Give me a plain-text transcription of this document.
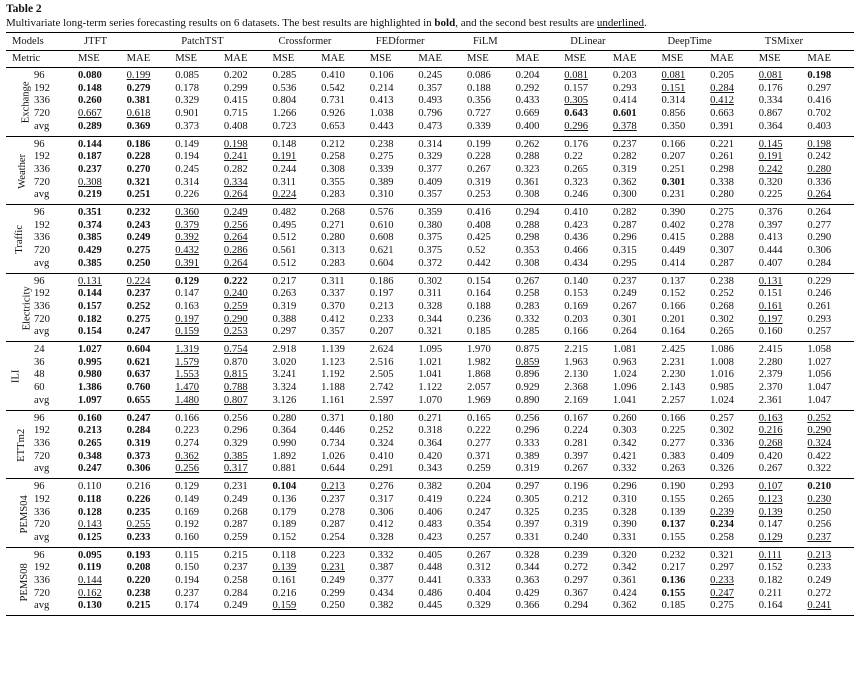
Table 2
Multivariate long-term series forecasting results on 6 datasets. The best results are highlighted in bold, and the second best results are underlined.
Models		JTFT		PatchTST		Crossformer		FEDformer		FiLM		DLinear		DeepTime		TSMixer	
Metric		MSE	MAE	MSE	MAE	MSE	MAE	MSE	MAE	MSE	MAE	MSE	MAE	MSE	MAE	MSE	MAE
Exchange	96	0.080	0.199	0.085	0.202	0.285	0.410	0.106	0.245	0.086	0.204	0.081	0.203	0.081	0.205	0.081	0.198
	192	0.148	0.279	0.178	0.299	0.536	0.542	0.214	0.357	0.188	0.292	0.157	0.293	0.151	0.284	0.176	0.297
	336	0.260	0.381	0.329	0.415	0.804	0.731	0.413	0.493	0.356	0.433	0.305	0.414	0.314	0.412	0.334	0.416
	720	0.667	0.618	0.901	0.715	1.266	0.926	1.038	0.796	0.727	0.669	0.643	0.601	0.856	0.663	0.867	0.702
	avg	0.289	0.369	0.373	0.408	0.723	0.653	0.443	0.473	0.339	0.400	0.296	0.378	0.350	0.391	0.364	0.403
Weather	96	0.144	0.186	0.149	0.198	0.148	0.212	0.238	0.314	0.199	0.262	0.176	0.237	0.166	0.221	0.145	0.198
	192	0.187	0.228	0.194	0.241	0.191	0.258	0.275	0.329	0.228	0.288	0.22	0.282	0.207	0.261	0.191	0.242
	336	0.237	0.270	0.245	0.282	0.244	0.308	0.339	0.377	0.267	0.323	0.265	0.319	0.251	0.298	0.242	0.280
	720	0.308	0.321	0.314	0.334	0.311	0.355	0.389	0.409	0.319	0.361	0.323	0.362	0.301	0.338	0.320	0.336
	avg	0.219	0.251	0.226	0.264	0.224	0.283	0.310	0.357	0.253	0.308	0.246	0.300	0.231	0.280	0.225	0.264
Traffic	96	0.351	0.232	0.360	0.249	0.482	0.268	0.576	0.359	0.416	0.294	0.410	0.282	0.390	0.275	0.376	0.264
	192	0.374	0.243	0.379	0.256	0.495	0.271	0.610	0.380	0.408	0.288	0.423	0.287	0.402	0.278	0.397	0.277
	336	0.385	0.249	0.392	0.264	0.512	0.280	0.608	0.375	0.425	0.298	0.436	0.296	0.415	0.288	0.413	0.290
	720	0.429	0.275	0.432	0.286	0.561	0.313	0.621	0.375	0.52	0.353	0.466	0.315	0.449	0.307	0.444	0.306
	avg	0.385	0.250	0.391	0.264	0.512	0.283	0.604	0.372	0.442	0.308	0.434	0.295	0.414	0.287	0.407	0.284
Electricity	96	0.131	0.224	0.129	0.222	0.217	0.311	0.186	0.302	0.154	0.267	0.140	0.237	0.137	0.238	0.131	0.229
	192	0.144	0.237	0.147	0.240	0.263	0.337	0.197	0.311	0.164	0.258	0.153	0.249	0.152	0.252	0.151	0.246
	336	0.157	0.252	0.163	0.259	0.319	0.370	0.213	0.328	0.188	0.283	0.169	0.267	0.166	0.268	0.161	0.261
	720	0.182	0.275	0.197	0.290	0.388	0.412	0.233	0.344	0.236	0.332	0.203	0.301	0.201	0.302	0.197	0.293
	avg	0.154	0.247	0.159	0.253	0.297	0.357	0.207	0.321	0.185	0.285	0.166	0.264	0.164	0.265	0.160	0.257
ILI	24	1.027	0.604	1.319	0.754	2.918	1.139	2.624	1.095	1.970	0.875	2.215	1.081	2.425	1.086	2.415	1.058
	36	0.995	0.621	1.579	0.870	3.020	1.123	2.516	1.021	1.982	0.859	1.963	0.963	2.231	1.008	2.280	1.027
	48	0.980	0.637	1.553	0.815	3.241	1.192	2.505	1.041	1.868	0.896	2.130	1.024	2.230	1.016	2.379	1.056
	60	1.386	0.760	1.470	0.788	3.324	1.188	2.742	1.122	2.057	0.929	2.368	1.096	2.143	0.985	2.370	1.047
	avg	1.097	0.655	1.480	0.807	3.126	1.161	2.597	1.070	1.969	0.890	2.169	1.041	2.257	1.024	2.361	1.047
ETTm2	96	0.160	0.247	0.166	0.256	0.280	0.371	0.180	0.271	0.165	0.256	0.167	0.260	0.166	0.257	0.163	0.252
	192	0.213	0.284	0.223	0.296	0.364	0.446	0.252	0.318	0.222	0.296	0.224	0.303	0.225	0.302	0.216	0.290
	336	0.265	0.319	0.274	0.329	0.990	0.734	0.324	0.364	0.277	0.333	0.281	0.342	0.277	0.336	0.268	0.324
	720	0.348	0.373	0.362	0.385	1.892	1.026	0.410	0.420	0.371	0.389	0.397	0.421	0.383	0.409	0.420	0.422
	avg	0.247	0.306	0.256	0.317	0.881	0.644	0.291	0.343	0.259	0.319	0.267	0.332	0.263	0.326	0.267	0.322
PEMS04	96	0.110	0.216	0.129	0.231	0.104	0.213	0.276	0.382	0.204	0.297	0.196	0.296	0.190	0.293	0.107	0.210
	192	0.118	0.226	0.149	0.249	0.136	0.237	0.317	0.419	0.224	0.305	0.212	0.310	0.155	0.265	0.123	0.230
	336	0.128	0.235	0.169	0.268	0.179	0.278	0.306	0.406	0.247	0.325	0.235	0.328	0.139	0.239	0.139	0.250
	720	0.143	0.255	0.192	0.287	0.189	0.287	0.412	0.483	0.354	0.397	0.319	0.390	0.137	0.234	0.147	0.256
	avg	0.125	0.233	0.160	0.259	0.152	0.254	0.328	0.423	0.257	0.331	0.240	0.331	0.155	0.258	0.129	0.237
PEMS08	96	0.095	0.193	0.115	0.215	0.118	0.223	0.332	0.405	0.267	0.328	0.239	0.320	0.232	0.321	0.111	0.213
	192	0.119	0.208	0.150	0.237	0.139	0.231	0.387	0.448	0.312	0.344	0.272	0.342	0.217	0.297	0.152	0.233
	336	0.144	0.220	0.194	0.258	0.161	0.249	0.377	0.441	0.333	0.363	0.297	0.361	0.136	0.233	0.182	0.249
	720	0.162	0.238	0.237	0.284	0.216	0.299	0.434	0.486	0.404	0.429	0.367	0.424	0.155	0.247	0.211	0.272
	avg	0.130	0.215	0.174	0.249	0.159	0.250	0.382	0.445	0.329	0.366	0.294	0.362	0.185	0.275	0.164	0.241
